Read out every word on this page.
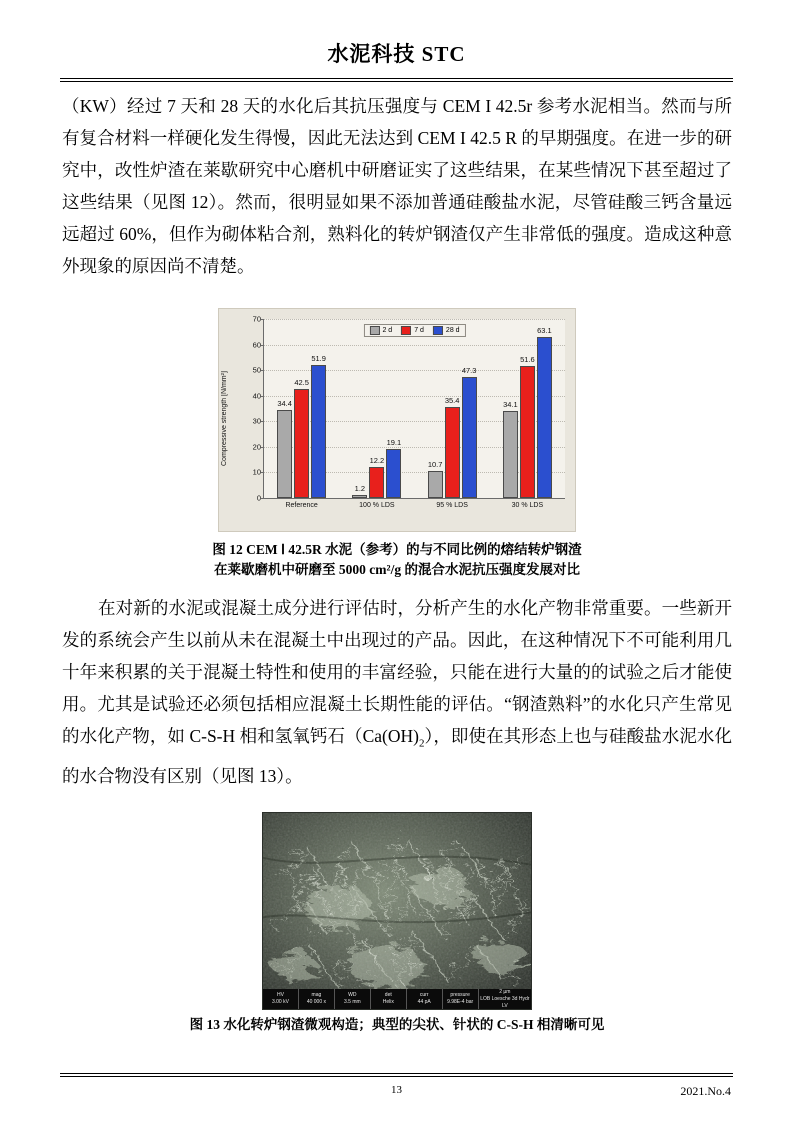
水泥科技 STC

（KW）经过 7 天和 28 天的水化后其抗压强度与 CEM I 42.5r 参考水泥相当。然而与所有复合材料一样硬化发生得慢，因此无法达到 CEM I 42.5 R 的早期强度。在进一步的研究中，改性炉渣在莱歇研究中心磨机中研磨证实了这些结果，在某些情况下甚至超过了这些结果（见图 12）。然而，很明显如果不添加普通硅酸盐水泥，尽管硅酸三钙含量远远超过 60%，但作为砌体粘合剂，熟料化的转炉钢渣仅产生非常低的强度。造成这种意外现象的原因尚不清楚。

Compressive strength [N/mm²]
2 d	7 d	28 d
0
10
20
30
40
50
60
70
34.4
42.5
51.9
Reference
1.2
12.2
19.1
100 % LDS
10.7
35.4
47.3
95 % LDS
34.1
51.6
63.1
30 % LDS
图 12 CEM Ⅰ 42.5R 水泥（参考）的与不同比例的熔结转炉钢渣
在莱歇磨机中研磨至 5000 cm²/g 的混合水泥抗压强度发展对比

在对新的水泥或混凝土成分进行评估时，分析产生的水化产物非常重要。一些新开发的系统会产生以前从未在混凝土中出现过的产品。因此，在这种情况下不可能利用几十年来积累的关于混凝土特性和使用的丰富经验，只能在进行大量的的试验之后才能使用。尤其是试验还必须包括相应混凝土长期性能的评估。“钢渣熟料”的水化只产生常见的水化产物，如 C-S-H 相和氢氧钙石$(Ca(OH)_2)$，即使在其形态上也与硅酸盐水泥水化的水合物没有区别（见图 13）。

HV
3.00 kV
mag
40 000 x
WD
3.5 mm
det
Helix
curr
44 pA
pressure
9.98E-4 bar
2 µm
LOB Loesche 3d Hydr LV
图 13 水化转炉钢渣微观构造；典型的尖状、针状的 C-S-H 相清晰可见
13	2021.No.4
